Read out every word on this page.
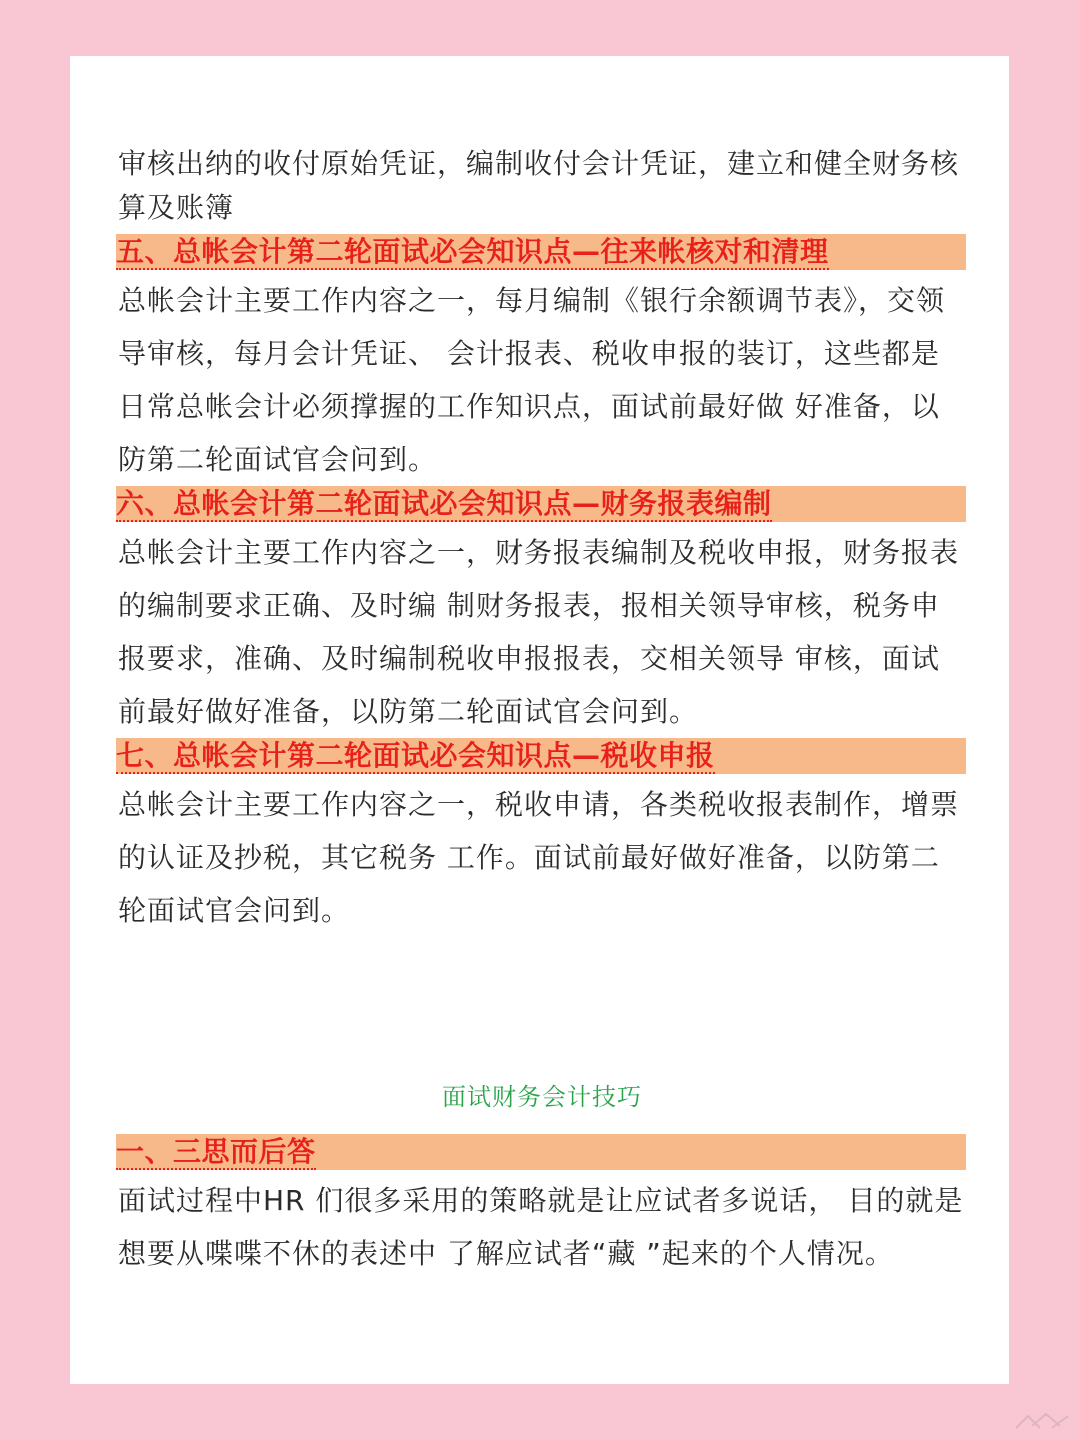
审核出纳的收付原始凭证，编制收付会计凭证，建立和健全财务核算及账簿

五、总帐会计第二轮面试必会知识点—往来帐核对和清理

总帐会计主要工作内容之一，每月编制《银行余额调节表》，交领导审核，每月会计凭证、 会计报表、税收申报的装订，这些都是日常总帐会计必须撑握的工作知识点，面试前最好做 好准备，以防第二轮面试官会问到。

六、总帐会计第二轮面试必会知识点—财务报表编制

总帐会计主要工作内容之一，财务报表编制及税收申报，财务报表的编制要求正确、及时编 制财务报表，报相关领导审核，税务申报要求，准确、及时编制税收申报报表，交相关领导 审核，面试前最好做好准备，以防第二轮面试官会问到。

七、总帐会计第二轮面试必会知识点—税收申报

总帐会计主要工作内容之一，税收申请，各类税收报表制作，增票的认证及抄税，其它税务 工作。面试前最好做好准备，以防第二轮面试官会问到。

面试财务会计技巧
一、三思而后答

面试过程中HR 们很多采用的策略就是让应试者多说话， 目的就是想要从喋喋不休的表述中 了解应试者“藏 ”起来的个人情况。
